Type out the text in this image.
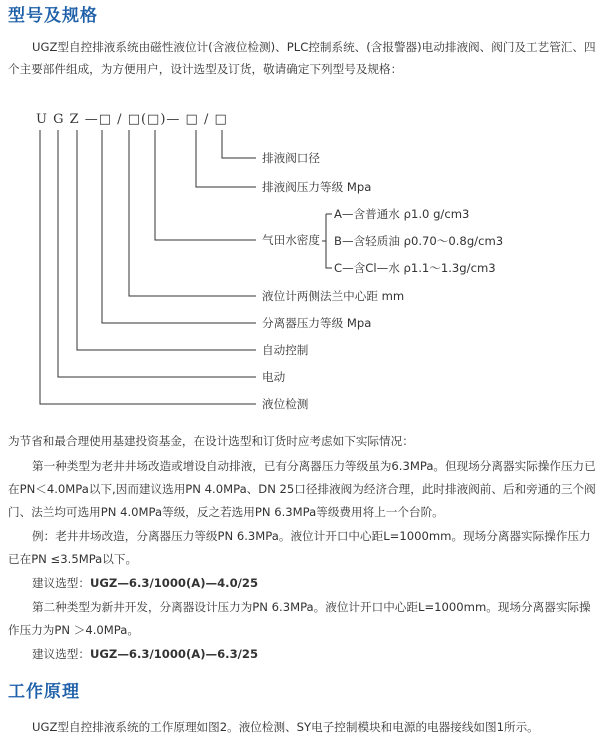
型号及规格

UGZ型自控排液系统由磁性液位计(含液位检测)、PLC控制系统、(含报警器)电动排液阀、阀门及工艺管汇、四

个主要部件组成，为方便用户，设计选型及订货，敬请确定下列型号及规格：

U G Z —□ / □(□)— □ / □
排液阀口径
排液阀压力等级 Mpa
气田水密度
A—含普通水 ρ1.0 g/cm3
B—含轻质油 ρ0.70～0.8g/cm3
C—含Cl—水 ρ1.1～1.3g/cm3
液位计两侧法兰中心距 mm
分离器压力等级 Mpa
自动控制
电动
液位检测

为节省和最合理使用基建投资基金，在设计选型和订货时应考虑如下实际情况：

第一种类型为老井井场改造或增设自动排液，已有分离器压力等级虽为6.3MPa。但现场分离器实际操作压力已

在PN＜4.0MPa以下,因而建议选用PN 4.0MPa、DN 25口径排液阀为经济合理，此时排液阀前、后和旁通的三个阀

门、法兰均可选用PN 4.0MPa等级，反之若选用PN 6.3MPa等级费用将上一个台阶。

例：老井井场改造，分离器压力等级PN 6.3MPa。液位计开口中心距L=1000mm。现场分离器实际操作压力

已在PN ≤3.5MPa以下。

建议选型：UGZ—6.3/1000(A)—4.0/25

第二种类型为新井开发，分离器设计压力为PN 6.3MPa。液位计开口中心距L=1000mm。现场分离器实际操

作压力为PN ＞4.0MPa。

建议选型：UGZ—6.3/1000(A)—6.3/25

工作原理

UGZ型自控排液系统的工作原理如图2。液位检测、SY电子控制模块和电源的电器接线如图1所示。
